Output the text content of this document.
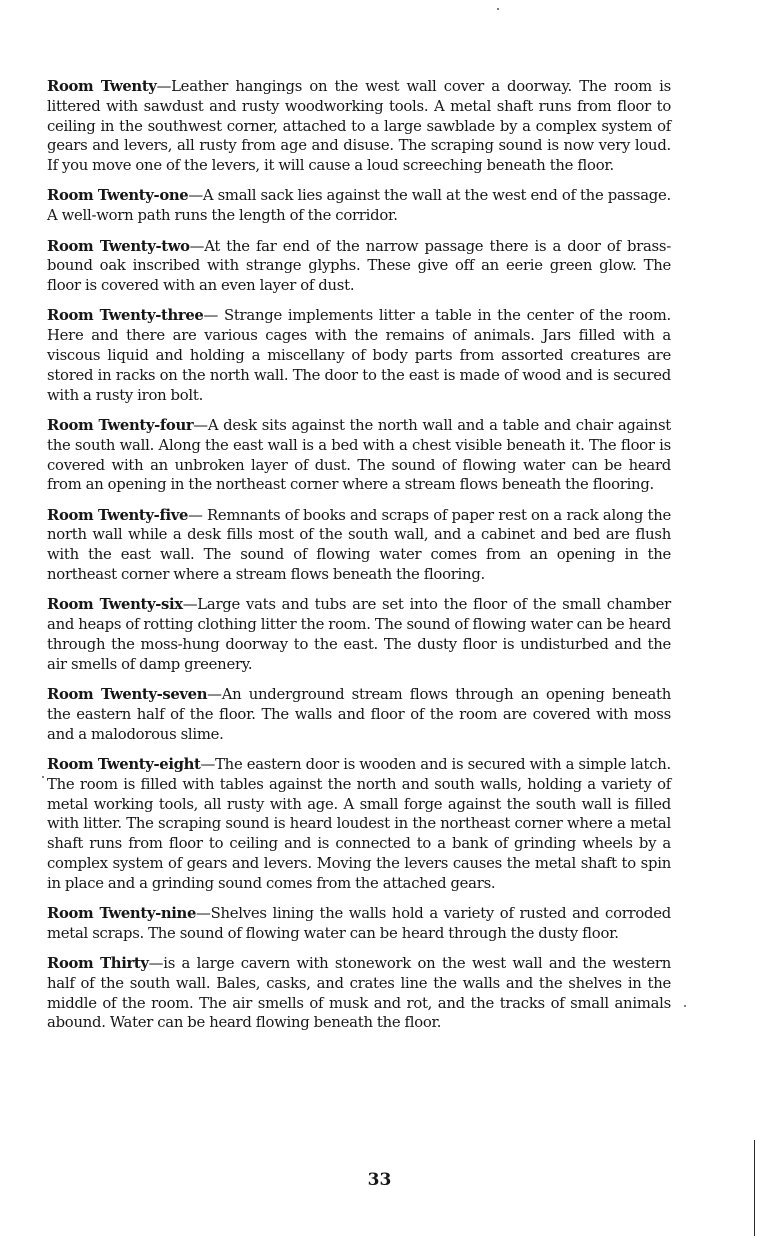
Room Twenty—Leather hangings on the west wall cover a doorway. The room is littered with sawdust and rusty woodworking tools. A metal shaft runs from floor to ceiling in the southwest corner, attached to a large sawblade by a complex system of gears and levers, all rusty from age and disuse. The scraping sound is now very loud. If you move one of the levers, it will cause a loud screeching beneath the floor.

Room Twenty-one—A small sack lies against the wall at the west end of the passage. A well-worn path runs the length of the corridor.

Room Twenty-two—At the far end of the narrow passage there is a door of brass-bound oak inscribed with strange glyphs. These give off an eerie green glow. The floor is covered with an even layer of dust.

Room Twenty-three— Strange implements litter a table in the center of the room. Here and there are various cages with the remains of animals. Jars filled with a viscous liquid and holding a miscellany of body parts from assorted creatures are stored in racks on the north wall. The door to the east is made of wood and is secured with a rusty iron bolt.

Room Twenty-four—A desk sits against the north wall and a table and chair against the south wall. Along the east wall is a bed with a chest visible beneath it. The floor is covered with an unbroken layer of dust. The sound of flowing water can be heard from an opening in the northeast corner where a stream flows beneath the flooring.

Room Twenty-five— Remnants of books and scraps of paper rest on a rack along the north wall while a desk fills most of the south wall, and a cabinet and bed are flush with the east wall. The sound of flowing water comes from an opening in the northeast corner where a stream flows beneath the flooring.

Room Twenty-six—Large vats and tubs are set into the floor of the small chamber and heaps of rotting clothing litter the room. The sound of flowing water can be heard through the moss-hung doorway to the east. The dusty floor is undisturbed and the air smells of damp greenery.

Room Twenty-seven—An underground stream flows through an opening beneath the eastern half of the floor. The walls and floor of the room are covered with moss and a malodorous slime.

Room Twenty-eight—The eastern door is wooden and is secured with a simple latch. The room is filled with tables against the north and south walls, holding a variety of metal working tools, all rusty with age. A small forge against the south wall is filled with litter. The scraping sound is heard loudest in the northeast corner where a metal shaft runs from floor to ceiling and is connected to a bank of grinding wheels by a complex system of gears and levers. Moving the levers causes the metal shaft to spin in place and a grinding sound comes from the attached gears.

Room Twenty-nine—Shelves lining the walls hold a variety of rusted and corroded metal scraps. The sound of flowing water can be heard through the dusty floor.

Room Thirty—is a large cavern with stonework on the west wall and the western half of the south wall. Bales, casks, and crates line the walls and the shelves in the middle of the room. The air smells of musk and rot, and the tracks of small animals abound. Water can be heard flowing beneath the floor.

33
